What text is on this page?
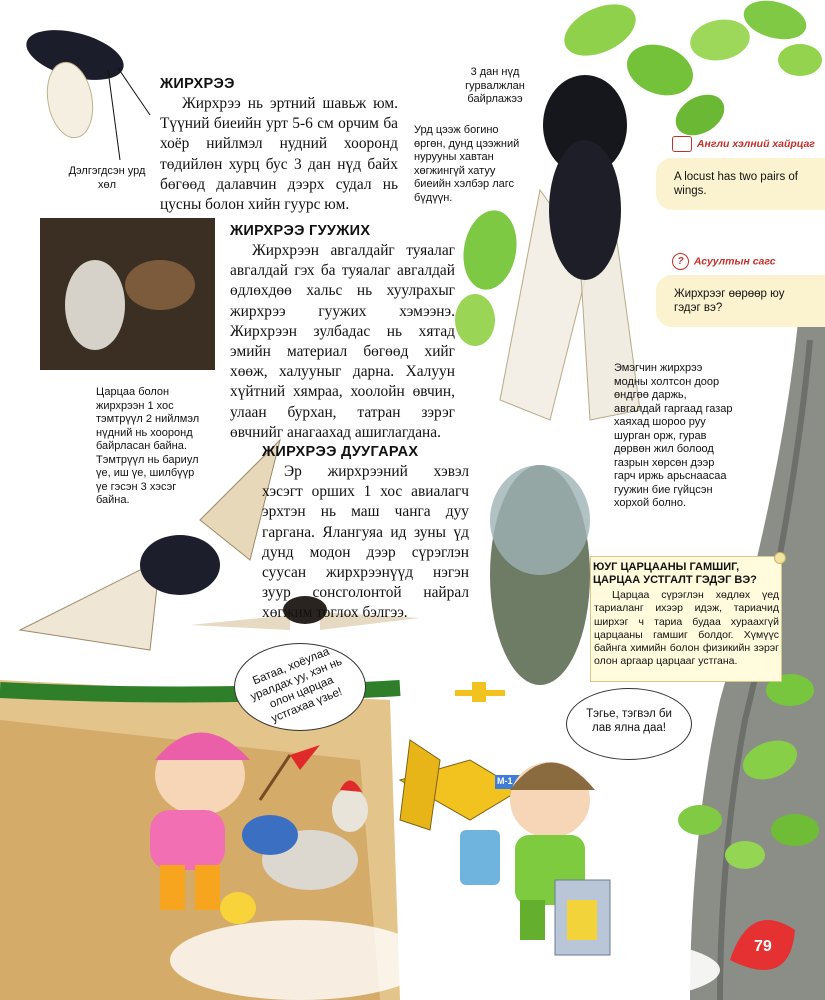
ЖИРХРЭЭ
Жирхрээ нь эртний шавьж юм. Түүний биеийн урт 5-6 см орчим ба хоёр нийлмэл нудний хооронд төдийлөн хурц бус 3 дан нүд байх бөгөөд далавчин дээрх судал нь цусны болон хийн гуурс юм.
Дэлгэгдсэн урд хөл
3 дан нүд гурвалжлан байрлажээ
Урд цээж богино өргөн, дунд цээжний нурууны хавтан хөгжингүй хатуу биеийн хэлбэр лагс бүдүүн.
ЖИРХРЭЭ ГУУЖИХ
Жирхрээн авгалдайг туяалаг авгалдай гэх ба туяалаг авгалдай өдлөхдөө хальс нь хуулрахыг жирхрээ гуужих хэмээнэ. Жирхрээн зулбадас нь хятад эмийн материал бөгөөд хийг хөөж, халууныг дарна. Халуун хүйтний хямраа, хоолойн өвчин, улаан бурхан, татран зэрэг өвчнийг анагаахад ашиглагдана.
Царцаа болон жирхрээн 1 хос тэмтрүүл 2 нийлмэл нүдний нь хооронд байрласан байна. Тэмтрүүл нь бариул үе, иш үе, шилбүүр үе гэсэн 3 хэсэг байна.
ЖИРХРЭЭ ДУУГАРАХ
Эр жирхрээний хэвэл хэсэгт орших 1 хос авиалагч эрхтэн нь маш чанга дуу гаргана. Ялангуяа ид зуны үд дунд модон дээр сүрэглэн суусан жирхрээнүүд нэгэн зуур сонсголонтой найрал хөгжим тоглох бэлгээ.
Эмэгчин жирхрээ модны холтсон доор өндгөө даржь, авгалдай гаргаад газар хаяхад шороо руу шурган орж, гурав дөрвөн жил болоод газрын хөрсөн дээр гарч иржь арьснаасаа гуужин бие гүйцсэн хорхой болно.
Англи хэлний хайрцаг
A locust has two pairs of wings.
? Асуултын сагс
Жирхрээг өөрөөр юу гэдэг вэ?
ЮУГ ЦАРЦААНЫ ГАМШИГ, ЦАРЦАА УСТГАЛТ ГЭДЭГ ВЭ?
Царцаа сүрэглэн хөдлөх үед тариаланг ихээр идэж, тариачид ширхэг ч тариа будаа хураахгүй царцааны гамшиг болдог. Хүмүүс байнга химийн болон физикийн зэрэг олон аргаар царцааг устгана.
Батаа, хоёулаа уралдах уу, хэн нь олон царцаа устгахаа үзье!	Тэгье, тэгвэл би лав ялна даа!
М-1
79
